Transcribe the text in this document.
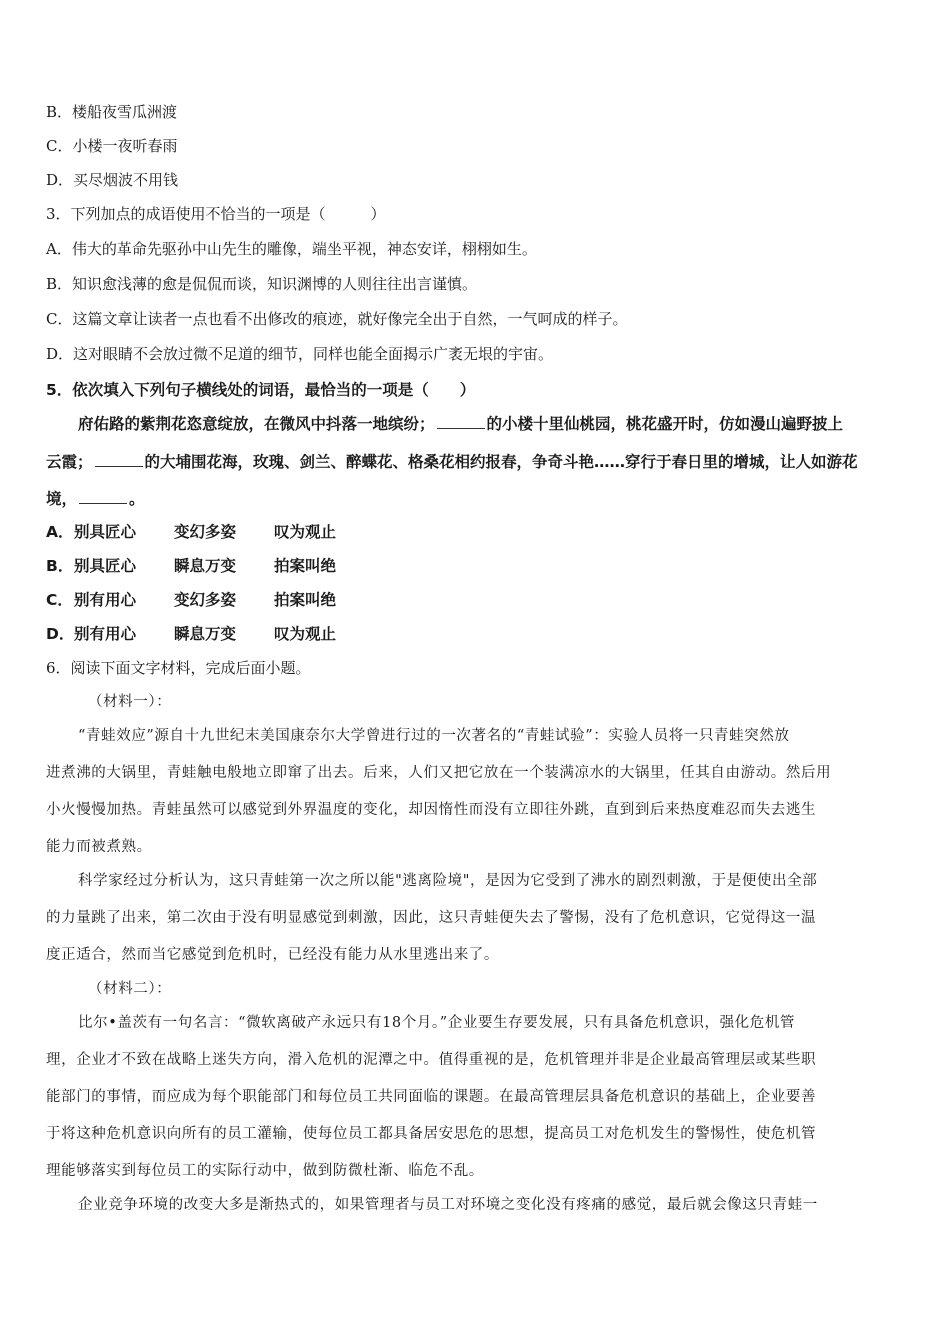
B．楼船夜雪瓜洲渡
C．小楼一夜听春雨
D．买尽烟波不用钱
3．下列加点的成语使用不恰当的一项是（　　　）
A．伟大的革命先驱孙中山先生的雕像，端坐平视，神态安详，栩栩如生。
B．知识愈浅薄的愈是侃侃而谈，知识渊博的人则往往出言谨慎。
C．这篇文章让读者一点也看不出修改的痕迹，就好像完全出于自然，一气呵成的样子。
D．这对眼睛不会放过微不足道的细节，同样也能全面揭示广袤无垠的宇宙。
5．依次填入下列句子横线处的词语，最恰当的一项是（　　）
府佑路的紫荆花恣意绽放，在微风中抖落一地缤纷；	的小楼十里仙桃园，桃花盛开时，仿如漫山遍野披上
云霞；	的大埔围花海，玫瑰、剑兰、醉蝶花、格桑花相约报春，争奇斗艳……穿行于春日里的增城，让人如游花
境，	。
A．别具匠心 变幻多姿 叹为观止
B．别具匠心 瞬息万变 拍案叫绝
C．别有用心 变幻多姿 拍案叫绝
D．别有用心 瞬息万变 叹为观止
6．阅读下面文字材料，完成后面小题。
（材料一）：
“青蛙效应”源自十九世纪末美国康奈尔大学曾进行过的一次著名的“青蛙试验”：实验人员将一只青蛙突然放
进煮沸的大锅里，青蛙触电般地立即窜了出去。后来，人们又把它放在一个装满凉水的大锅里，任其自由游动。然后用
小火慢慢加热。青蛙虽然可以感觉到外界温度的变化，却因惰性而没有立即往外跳，直到到后来热度难忍而失去逃生
能力而被煮熟。
科学家经过分析认为，这只青蛙第一次之所以能"逃离险境"，是因为它受到了沸水的剧烈刺激，于是便使出全部
的力量跳了出来，第二次由于没有明显感觉到刺激，因此，这只青蛙便失去了警惕，没有了危机意识，它觉得这一温
度正适合，然而当它感觉到危机时，已经没有能力从水里逃出来了。
（材料二）：
比尔•盖茨有一句名言：“微软离破产永远只有18个月。”企业要生存要发展，只有具备危机意识，强化危机管
理，企业才不致在战略上迷失方向，滑入危机的泥潭之中。值得重视的是，危机管理并非是企业最高管理层或某些职
能部门的事情，而应成为每个职能部门和每位员工共同面临的课题。在最高管理层具备危机意识的基础上，企业要善
于将这种危机意识向所有的员工灌输，使每位员工都具备居安思危的思想，提高员工对危机发生的警惕性，使危机管
理能够落实到每位员工的实际行动中，做到防微杜渐、临危不乱。
企业竞争环境的改变大多是渐热式的，如果管理者与员工对环境之变化没有疼痛的感觉，最后就会像这只青蛙一
